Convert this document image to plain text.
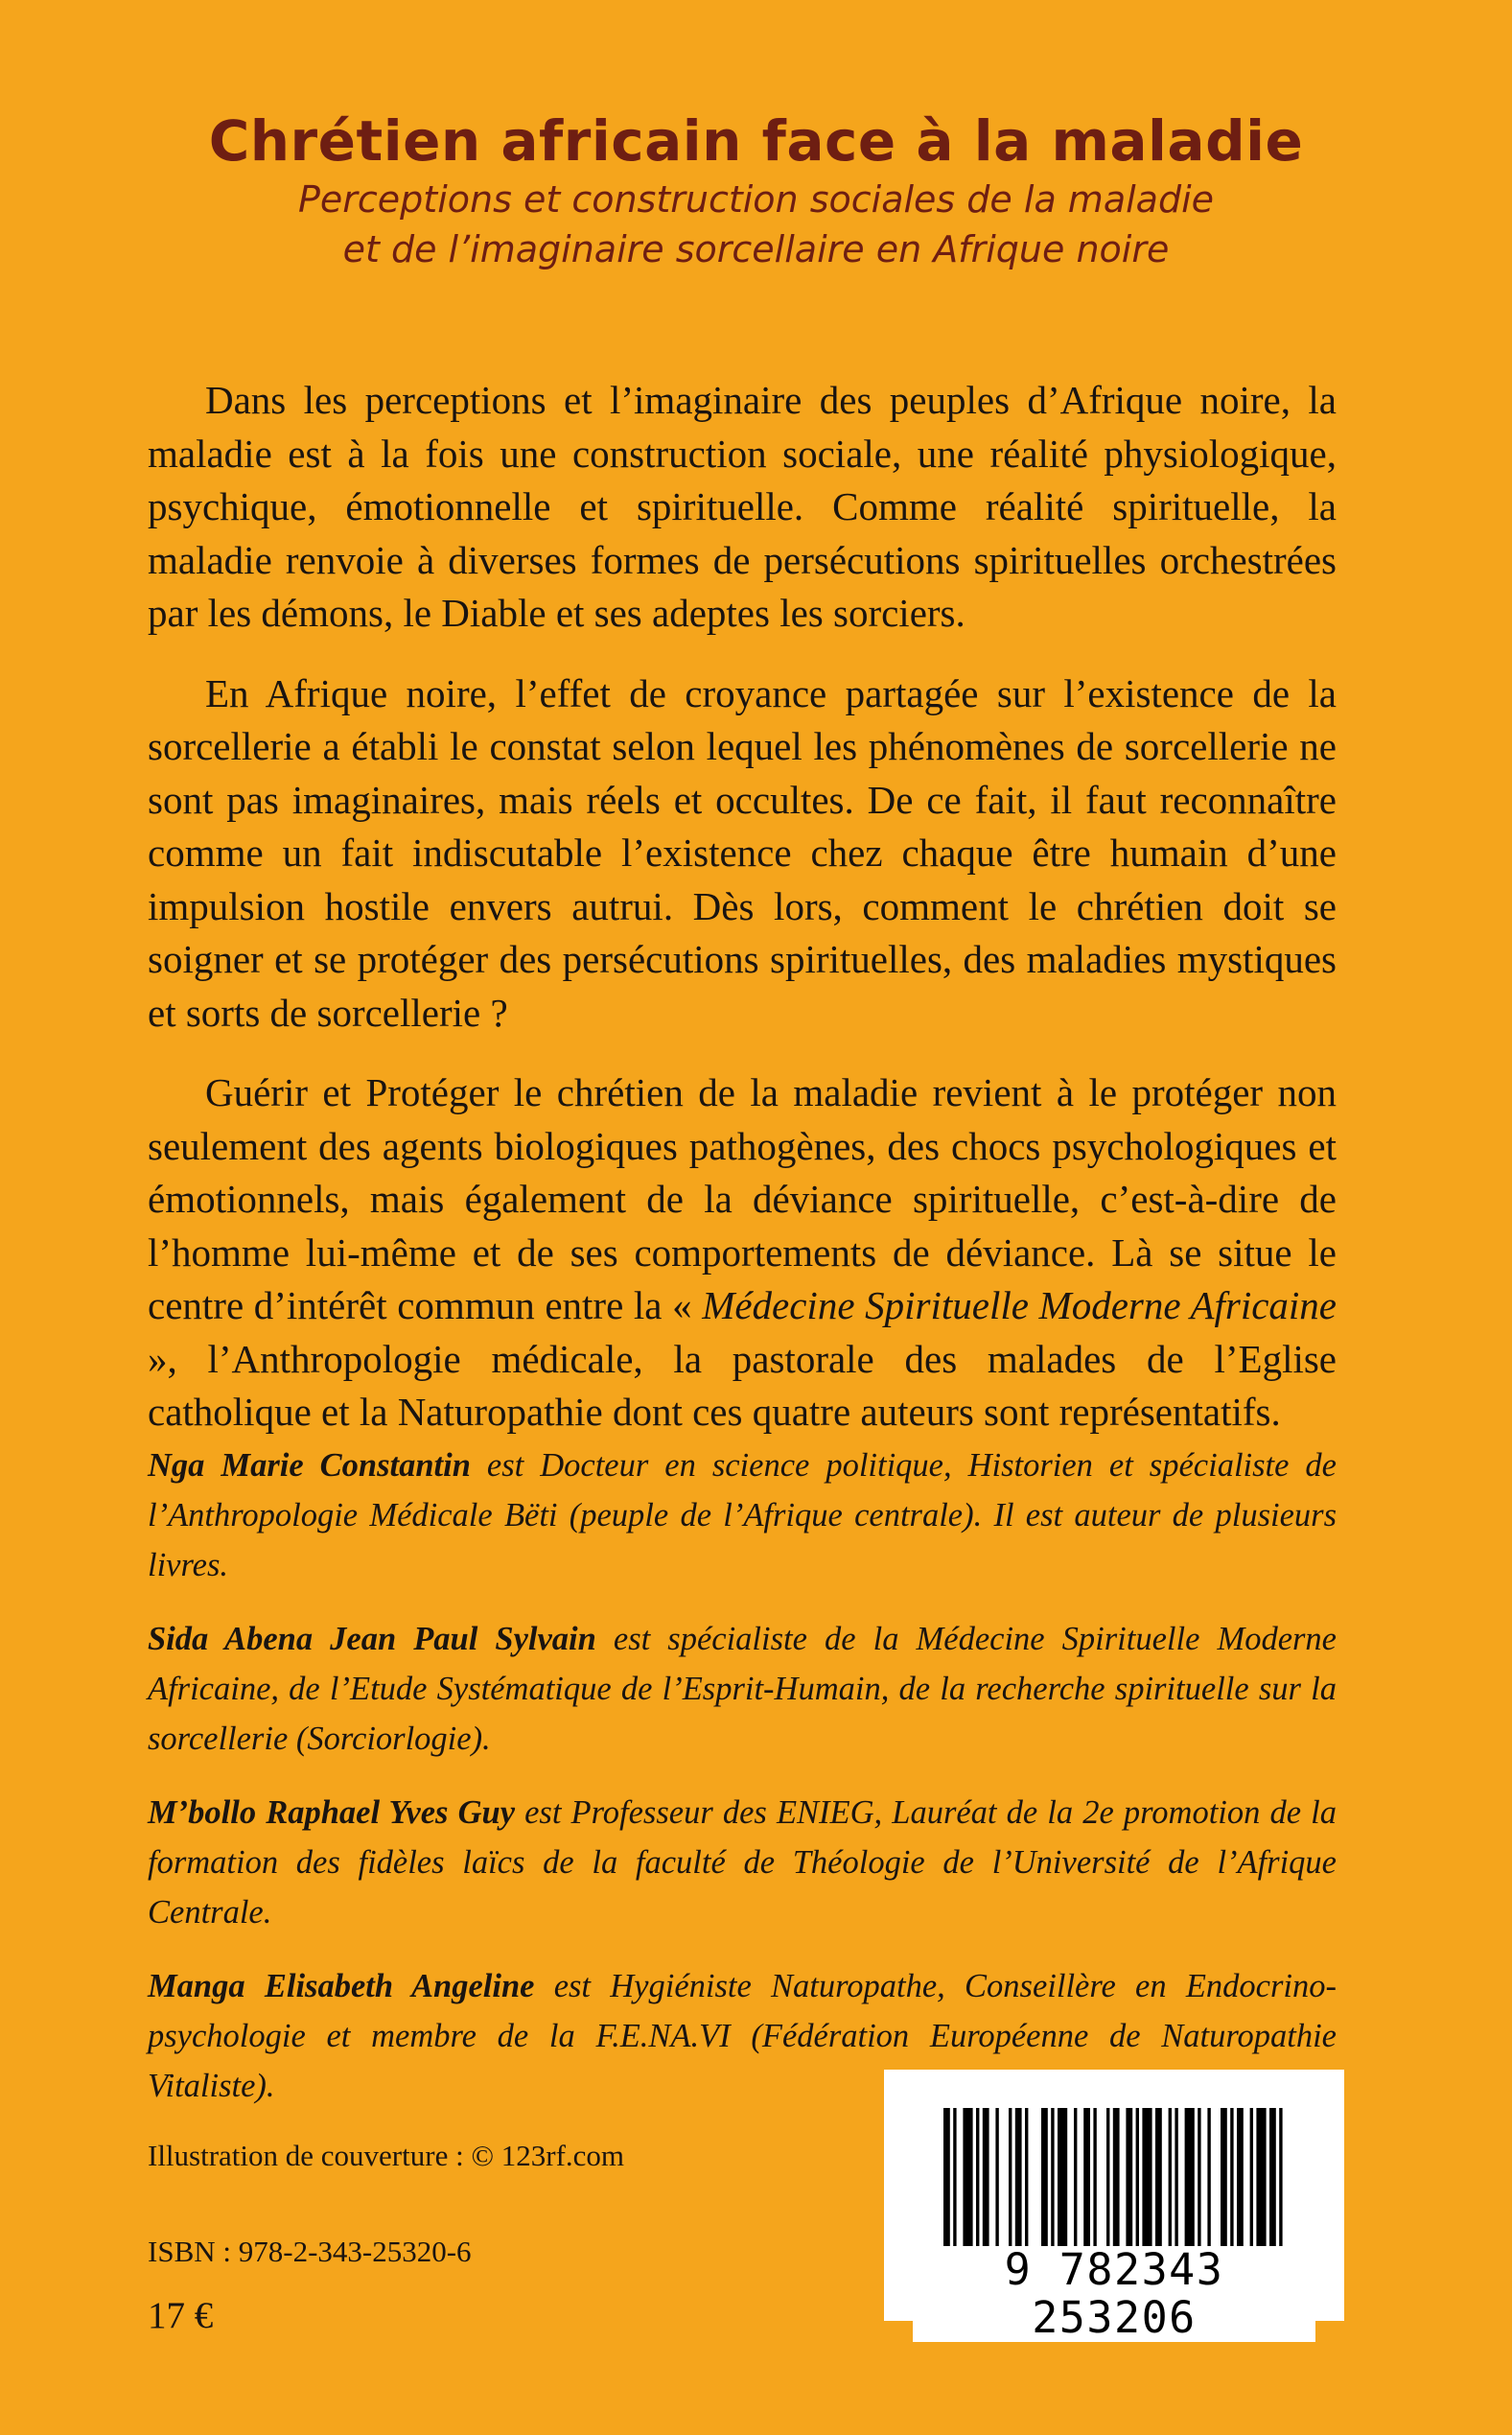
Chrétien africain face à la maladie

Perceptions et construction sociales de la maladie

et de l’imaginaire sorcellaire en Afrique noire

Dans les perceptions et l’imaginaire des peuples d’Afrique noire, la maladie est à la fois une construction sociale, une réalité physiologique, psychique, émotionnelle et spirituelle. Comme réalité spirituelle, la maladie renvoie à diverses formes de persécutions spirituelles orchestrées par les démons, le Diable et ses adeptes les sorciers.

En Afrique noire, l’effet de croyance partagée sur l’existence de la sorcellerie a établi le constat selon lequel les phénomènes de sorcellerie ne sont pas imaginaires, mais réels et occultes. De ce fait, il faut reconnaître comme un fait indiscutable l’existence chez chaque être humain d’une impulsion hostile envers autrui. Dès lors, comment le chrétien doit se soigner et se protéger des persécutions spirituelles, des maladies mystiques et sorts de sorcellerie ?

Guérir et Protéger le chrétien de la maladie revient à le protéger non seulement des agents biologiques pathogènes, des chocs psychologiques et émotionnels, mais également de la déviance spirituelle, c’est-à-dire de l’homme lui-même et de ses comportements de déviance. Là se situe le centre d’intérêt commun entre la « Médecine Spirituelle Moderne Africaine », l’Anthropologie médicale, la pastorale des malades de l’Eglise catholique et la Naturopathie dont ces quatre auteurs sont représentatifs.

Nga Marie Constantin est Docteur en science politique, Historien et spécialiste de l’Anthropologie Médicale Bëti (peuple de l’Afrique centrale). Il est auteur de plusieurs livres.

Sida Abena Jean Paul Sylvain est spécialiste de la Médecine Spirituelle Moderne Africaine, de l’Etude Systématique de l’Esprit-Humain, de la recherche spirituelle sur la sorcellerie (Sorciorlogie).

M’bollo Raphael Yves Guy est Professeur des ENIEG, Lauréat de la 2e promotion de la formation des fidèles laïcs de la faculté de Théologie de l’Université de l’Afrique Centrale.

Manga Elisabeth Angeline est Hygiéniste Naturopathe, Conseillère en Endocrino-psychologie et membre de la F.E.NA.VI (Fédération Européenne de Naturopathie Vitaliste).

Illustration de couverture : © 123rf.com
ISBN : 978-2-343-25320-6
17 €
9 782343 253206
